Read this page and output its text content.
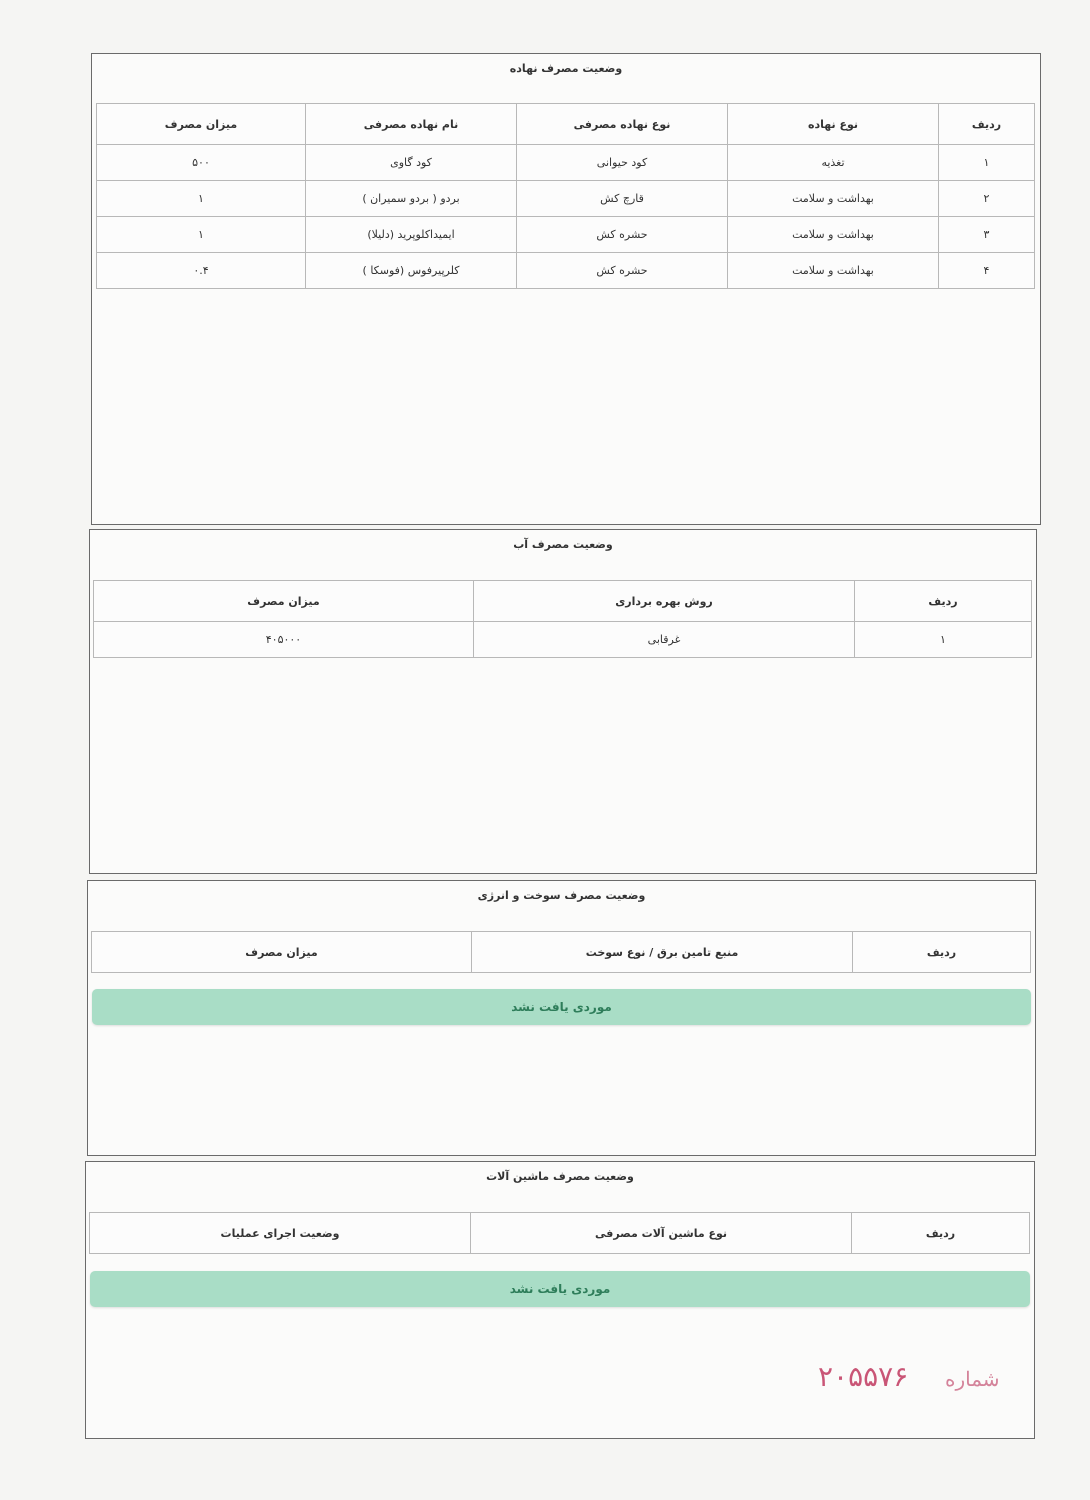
وضعیت مصرف نهاده
ردیف	نوع نهاده	نوع نهاده مصرفی	نام نهاده مصرفی	میزان مصرف
۱	تغذیه	کود حیوانی	کود گاوی	۵۰۰
۲	بهداشت و سلامت	قارچ کش	بردو ( بردو سمیران )	۱
۳	بهداشت و سلامت	حشره کش	ایمیداکلوپرید (دلیلا)	۱
۴	بهداشت و سلامت	حشره کش	کلرپیرفوس (فوسکا )	۰.۴
وضعیت مصرف آب
ردیف	روش بهره برداری	میزان مصرف
۱	غرقابی	۴۰۵۰۰۰
وضعیت مصرف سوخت و انرژی
ردیف	منبع تامین برق / نوع سوخت	میزان مصرف
موردی یافت نشد
وضعیت مصرف ماشین آلات
ردیف	نوع ماشین آلات مصرفی	وضعیت اجرای عملیات
موردی یافت نشد
شماره
۲۰۵۵۷۶
